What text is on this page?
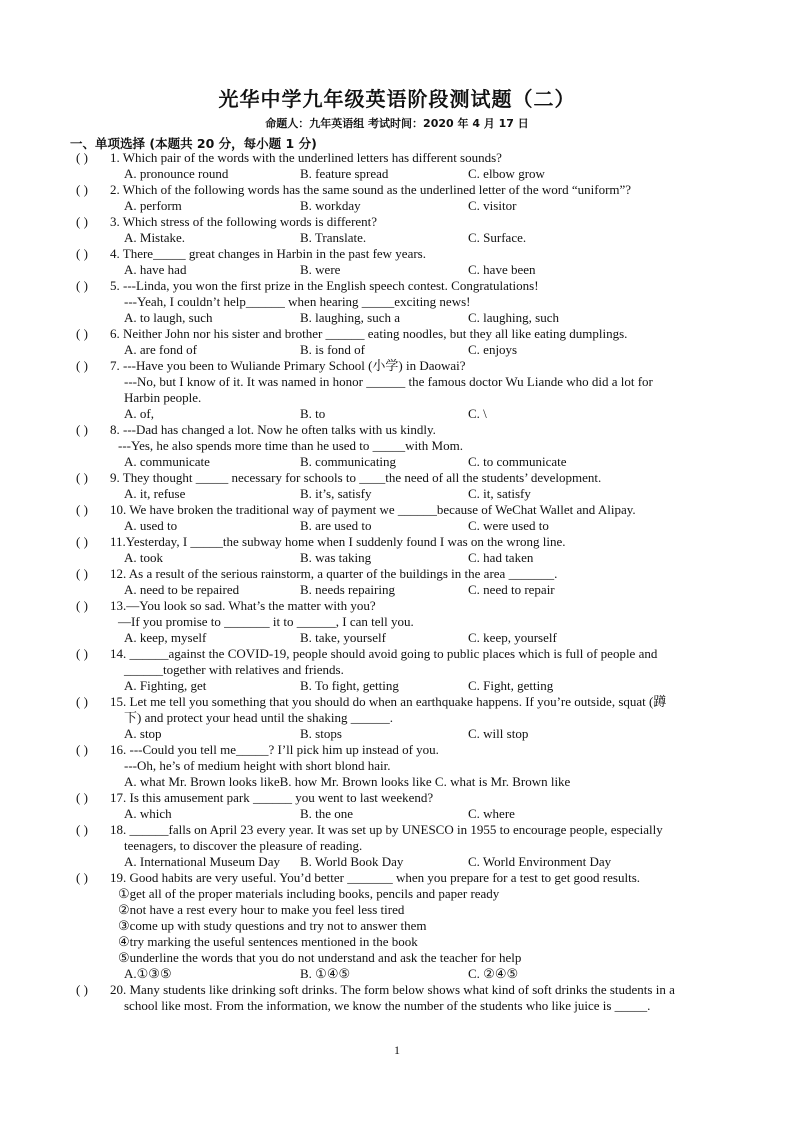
光华中学九年级英语阶段测试题（二）
命题人：九年英语组 考试时间：2020 年 4 月 17 日
一、单项选择 (本题共 20 分，每小题 1 分)
( ) 1. Which pair of the words with the underlined letters has different sounds?
A. pronounce round	B. feature spread	C. elbow grow
( ) 2. Which of the following words has the same sound as the underlined letter of the word “uniform”?
A. perform	B. workday	C. visitor
( ) 3. Which stress of the following words is different?
A. Mistake.	B. Translate.	C. Surface.
( ) 4. There_____ great changes in Harbin in the past few years.
A. have had	B. were	C. have been
( ) 5. ---Linda, you won the first prize in the English speech contest. Congratulations!
---Yeah, I couldn’t help______ when hearing _____exciting news!
A. to laugh, such	B. laughing, such a	C. laughing, such
( ) 6. Neither John nor his sister and brother ______ eating noodles, but they all like eating dumplings.
A. are fond of	B. is fond of	C. enjoys
( ) 7. ---Have you been to Wuliande Primary School (小学) in Daowai?
---No, but I know of it. It was named in honor ______ the famous doctor Wu Liande who did a lot for
Harbin people.
A. of,	B. to	C. \
( ) 8. ---Dad has changed a lot. Now he often talks with us kindly.
---Yes, he also spends more time than he used to _____with Mom.
A. communicate	B. communicating	C. to communicate
( ) 9. They thought _____ necessary for schools to ____the need of all the students’ development.
A. it, refuse	B. it’s, satisfy	C. it, satisfy
( ) 10. We have broken the traditional way of payment we ______because of WeChat Wallet and Alipay.
A. used to	B. are used to	C. were used to
( ) 11.Yesterday, I _____the subway home when I suddenly found I was on the wrong line.
A. took	B. was taking	C. had taken
( ) 12. As a result of the serious rainstorm, a quarter of the buildings in the area _______.
A. need to be repaired	B. needs repairing	C. need to repair
( ) 13.—You look so sad. What’s the matter with you?
—If you promise to _______ it to ______, I can tell you.
A. keep, myself	B. take, yourself	C. keep, yourself
( ) 14. ______against the COVID-19, people should avoid going to public places which is full of people and
______together with relatives and friends.
A. Fighting, get	B. To fight, getting	C. Fight, getting
( ) 15. Let me tell you something that you should do when an earthquake happens. If you’re outside, squat (蹲
下) and protect your head until the shaking ______.
A. stop	B. stops	C. will stop
( ) 16. ---Could you tell me_____? I’ll pick him up instead of you.
---Oh, he’s of medium height with short blond hair.
A. what Mr. Brown looks likeB. how Mr. Brown looks like C. what is Mr. Brown like
( ) 17. Is this amusement park ______ you went to last weekend?
A. which	B. the one	C. where
( ) 18. ______falls on April 23 every year. It was set up by UNESCO in 1955 to encourage people, especially
teenagers, to discover the pleasure of reading.
A. International Museum Day	B. World Book Day	C. World Environment Day
( ) 19. Good habits are very useful. You’d better _______ when you prepare for a test to get good results.
①get all of the proper materials including books, pencils and paper ready
②not have a rest every hour to make you feel less tired
③come up with study questions and try not to answer them
④try marking the useful sentences mentioned in the book
⑤underline the words that you do not understand and ask the teacher for help
A.①③⑤	B. ①④⑤	C. ②④⑤
( ) 20. Many students like drinking soft drinks. The form below shows what kind of soft drinks the students in a
school like most. From the information, we know the number of the students who like juice is _____.
1
